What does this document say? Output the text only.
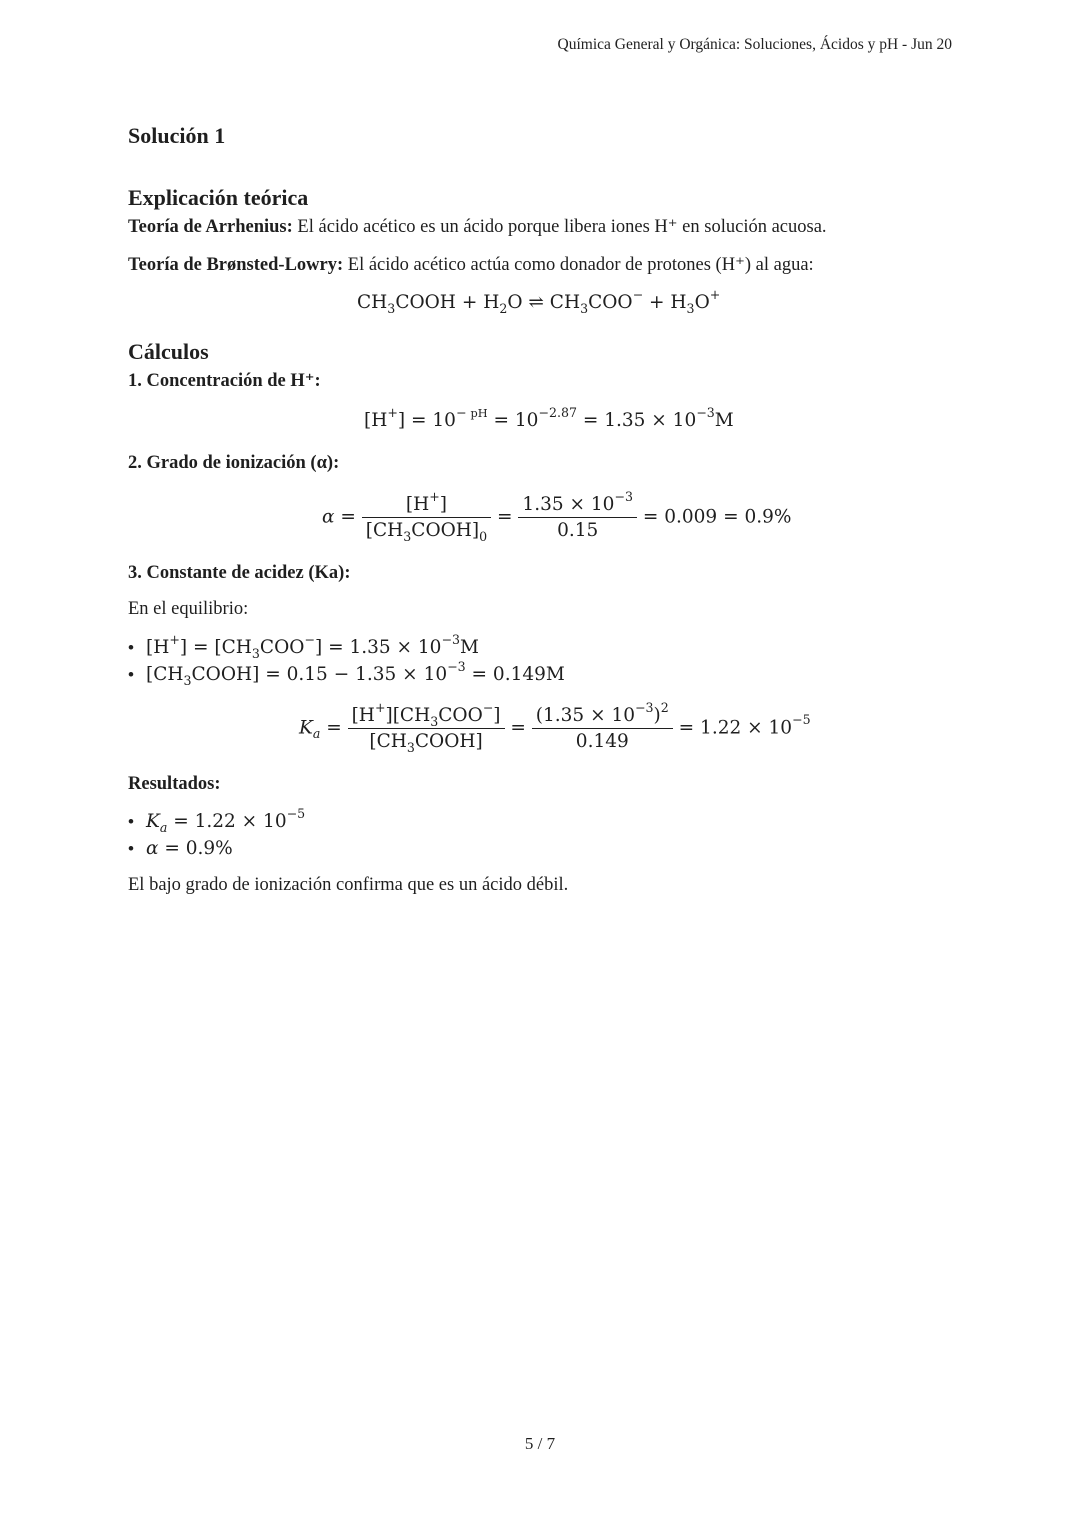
Química General y Orgánica: Soluciones, Ácidos y pH - Jun 20
Solución 1
Explicación teórica
Teoría de Arrhenius: El ácido acético es un ácido porque libera iones H⁺ en solución acuosa.
Teoría de Brønsted-Lowry: El ácido acético actúa como donador de protones (H⁺) al agua:
$CH_3COOH + H_2O$ ⇌ $CH_3COO^- + H_3O^+$
Cálculos
1. Concentración de H⁺:
$[H^+] = 10^{- pH} = 10^{-2.87} = 1.35 \times 10^{-3}M$
2. Grado de ionización (α):
$\alpha = \frac{[H^+]}{[CH_3COOH]_0} = \frac{1.35 \times 10^{-3}}{0.15} = 0.009 = 0.9\%$
3. Constante de acidez (Ka):
En el equilibrio:
• $[H^+] = [CH_3COO^-] = 1.35 \times 10^{-3}M$
• $[CH_3COOH] = 0.15 - 1.35 \times 10^{-3} = 0.149M$
$K_a = \frac{[H^+][CH_3COO^-]}{[CH_3COOH]} = \frac{(1.35 \times 10^{-3})^2}{0.149} = 1.22 \times 10^{-5}$
Resultados:
• $K_a = 1.22 \times 10^{-5}$
• α = 0.9%
El bajo grado de ionización confirma que es un ácido débil.
5 / 7
